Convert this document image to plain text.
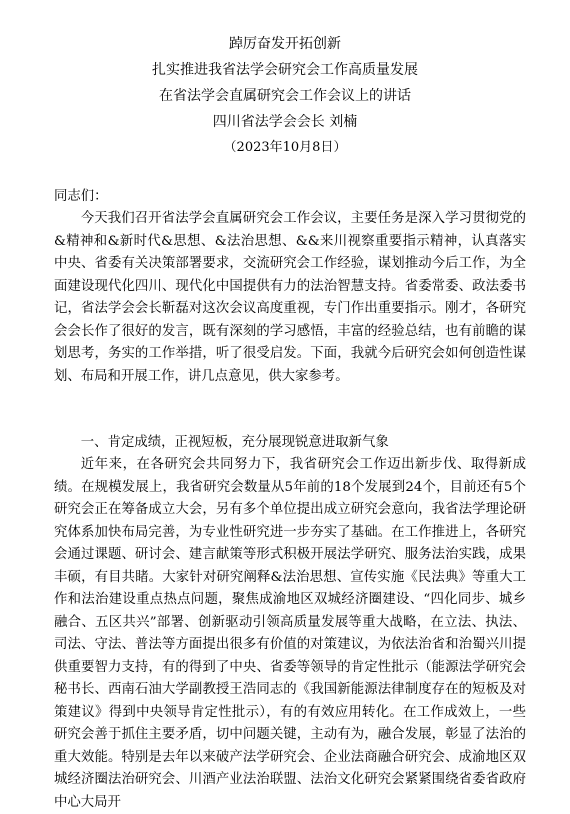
踔厉奋发开拓创新
扎实推进我省法学会研究会工作高质量发展
在省法学会直属研究会工作会议上的讲话
四川省法学会会长 刘楠
（2023年10月8日）
同志们：
今天我们召开省法学会直属研究会工作会议，主要任务是深入学习贯彻党的&精神和&新时代&思想、&法治思想、&&来川视察重要指示精神，认真落实中央、省委有关决策部署要求，交流研究会工作经验，谋划推动今后工作，为全面建设现代化四川、现代化中国提供有力的法治智慧支持。省委常委、政法委书记，省法学会会长靳磊对这次会议高度重视，专门作出重要指示。刚才，各研究会会长作了很好的发言，既有深刻的学习感悟，丰富的经验总结，也有前瞻的谋划思考，务实的工作举措，听了很受启发。下面，我就今后研究会如何创造性谋划、布局和开展工作，讲几点意见，供大家参考。
一、肯定成绩，正视短板，充分展现锐意进取新气象
近年来，在各研究会共同努力下，我省研究会工作迈出新步伐、取得新成绩。在规模发展上，我省研究会数量从5年前的18个发展到24个，目前还有5个研究会正在筹备成立大会，另有多个单位提出成立研究会意向，我省法学理论研究体系加快布局完善，为专业性研究进一步夯实了基础。在工作推进上，各研究会通过课题、研讨会、建言献策等形式积极开展法学研究、服务法治实践，成果丰硕，有目共睹。大家针对研究阐释&法治思想、宣传实施《民法典》等重大工作和法治建设重点热点问题，聚焦成渝地区双城经济圈建设、“四化同步、城乡融合、五区共兴”部署、创新驱动引领高质量发展等重大战略，在立法、执法、司法、守法、普法等方面提出很多有价值的对策建议，为依法治省和治蜀兴川提供重要智力支持，有的得到了中央、省委等领导的肯定性批示（能源法学研究会秘书长、西南石油大学副教授王浩同志的《我国新能源法律制度存在的短板及对策建议》得到中央领导肯定性批示），有的有效应用转化。在工作成效上，一些研究会善于抓住主要矛盾，切中问题关键，主动有为，融合发展，彰显了法治的重大效能。特别是去年以来破产法学研究会、企业法商融合研究会、成渝地区双城经济圈法治研究会、川酒产业法治联盟、法治文化研究会紧紧围绕省委省政府中心大局开
